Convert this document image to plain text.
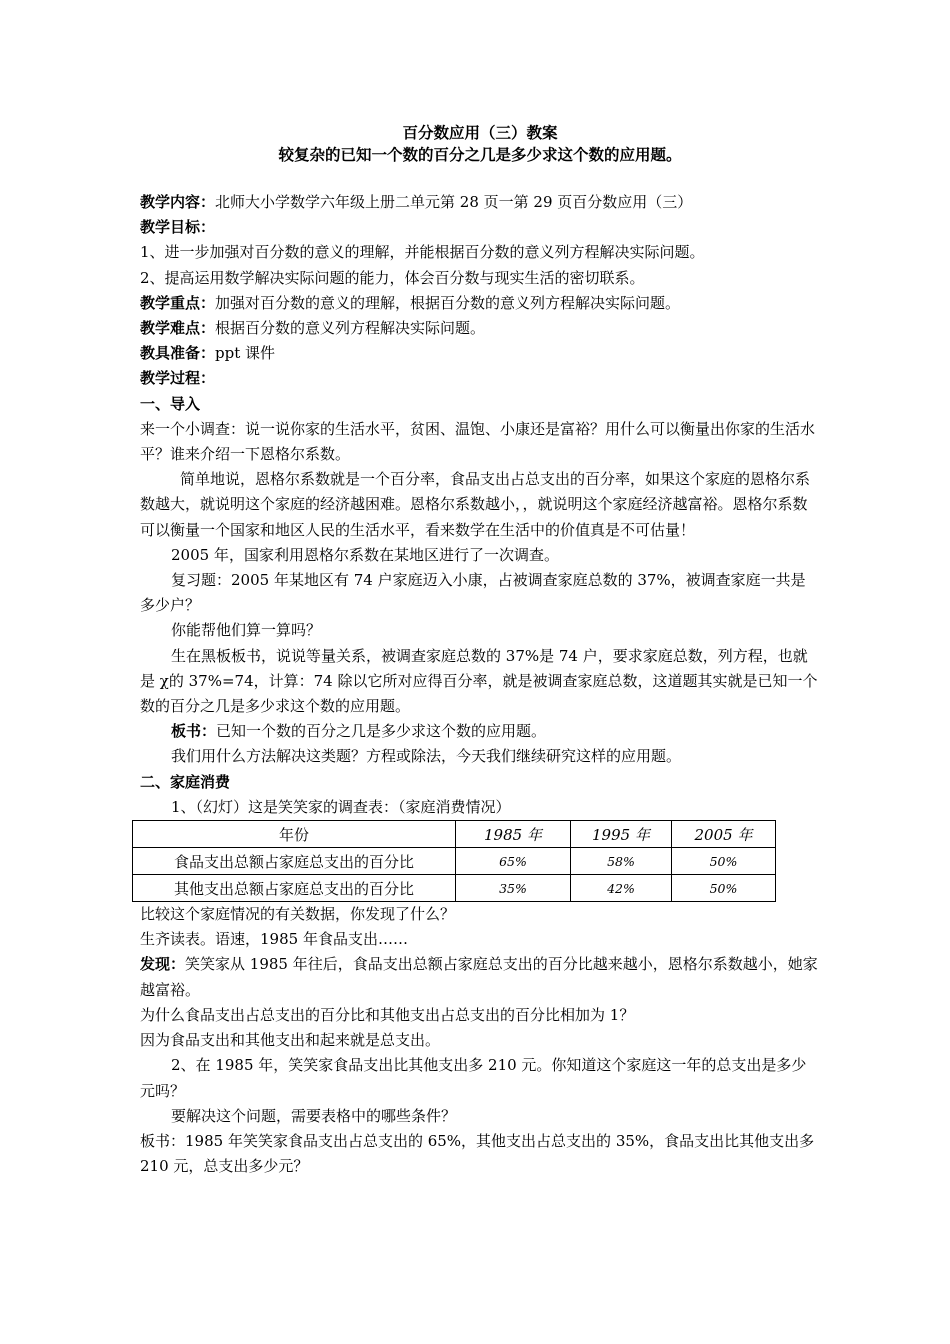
百分数应用（三）教案
较复杂的已知一个数的百分之几是多少求这个数的应用题。

教学内容：北师大小学数学六年级上册二单元第 28 页一第 29 页百分数应用（三）

教学目标：

1、进一步加强对百分数的意义的理解，并能根据百分数的意义列方程解决实际问题。

2、提高运用数学解决实际问题的能力，体会百分数与现实生活的密切联系。

教学重点：加强对百分数的意义的理解，根据百分数的意义列方程解决实际问题。

教学难点：根据百分数的意义列方程解决实际问题。

教具准备：ppt 课件

教学过程：

一、导入

来一个小调查：说一说你家的生活水平，贫困、温饱、小康还是富裕？用什么可以衡量出你家的生活水平？谁来介绍一下恩格尔系数。

简单地说，恩格尔系数就是一个百分率，食品支出占总支出的百分率，如果这个家庭的恩格尔系数越大，就说明这个家庭的经济越困难。恩格尔系数越小，，就说明这个家庭经济越富裕。恩格尔系数可以衡量一个国家和地区人民的生活水平，看来数学在生活中的价值真是不可估量！

2005 年，国家利用恩格尔系数在某地区进行了一次调查。

复习题：2005 年某地区有 74 户家庭迈入小康，占被调查家庭总数的 37%，被调查家庭一共是多少户？

你能帮他们算一算吗？

生在黑板板书，说说等量关系，被调查家庭总数的 37%是 74 户，要求家庭总数，列方程，也就是 χ的 37%=74，计算：74 除以它所对应得百分率，就是被调查家庭总数，这道题其实就是已知一个数的百分之几是多少求这个数的应用题。

板书：已知一个数的百分之几是多少求这个数的应用题。

我们用什么方法解决这类题？方程或除法，今天我们继续研究这样的应用题。

二、家庭消费

1、（幻灯）这是笑笑家的调查表：（家庭消费情况）

年份	1985 年	1995 年	2005 年
食品支出总额占家庭总支出的百分比	65%	58%	50%
其他支出总额占家庭总支出的百分比	35%	42%	50%

比较这个家庭情况的有关数据，你发现了什么？

生齐读表。语速，1985 年食品支出……

发现：笑笑家从 1985 年往后，食品支出总额占家庭总支出的百分比越来越小，恩格尔系数越小，她家越富裕。

为什么食品支出占总支出的百分比和其他支出占总支出的百分比相加为 1？

因为食品支出和其他支出和起来就是总支出。

2、在 1985 年，笑笑家食品支出比其他支出多 210 元。你知道这个家庭这一年的总支出是多少元吗？

要解决这个问题，需要表格中的哪些条件？

板书：1985 年笑笑家食品支出占总支出的 65%，其他支出占总支出的 35%，食品支出比其他支出多 210 元，总支出多少元？
